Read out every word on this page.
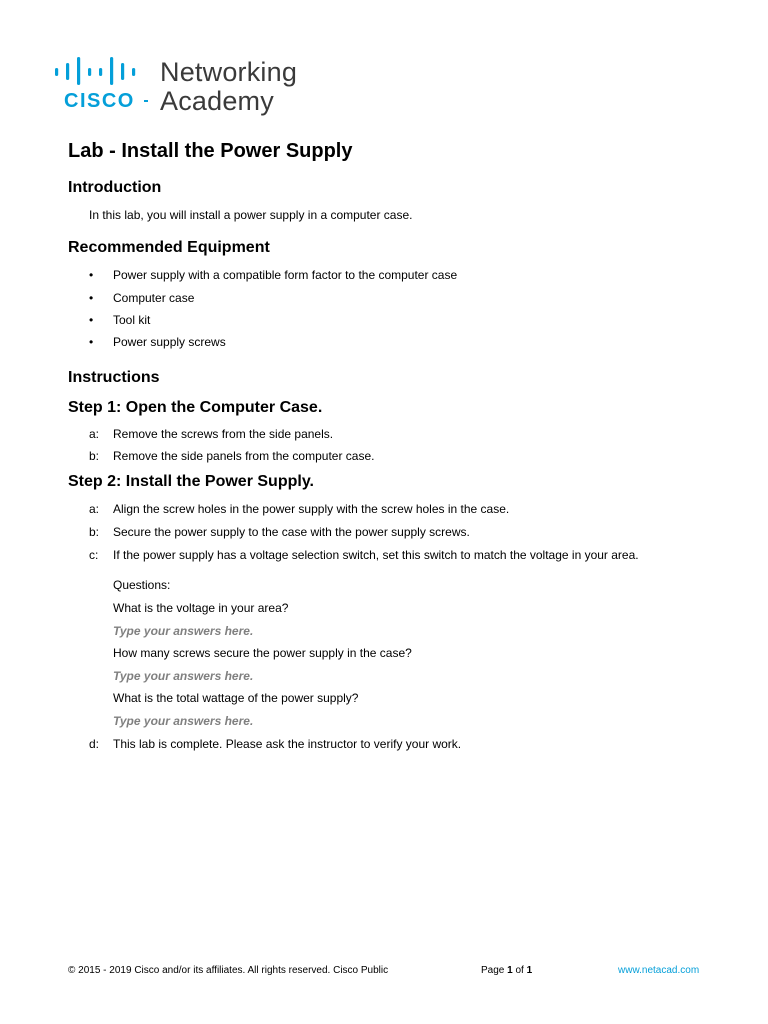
CISCO
Networking
Academy
Lab - Install the Power Supply
Introduction
In this lab, you will install a power supply in a computer case.
Recommended Equipment
• Power supply with a compatible form factor to the computer case
• Computer case
• Tool kit
• Power supply screws
Instructions
Step 1: Open the Computer Case.
a: Remove the screws from the side panels.
b: Remove the side panels from the computer case.
Step 2: Install the Power Supply.
a: Align the screw holes in the power supply with the screw holes in the case.
b: Secure the power supply to the case with the power supply screws.
c: If the power supply has a voltage selection switch, set this switch to match the voltage in your area.
Questions:
What is the voltage in your area?
Type your answers here.
How many screws secure the power supply in the case?
Type your answers here.
What is the total wattage of the power supply?
Type your answers here.
d: This lab is complete. Please ask the instructor to verify your work.
© 2015 - 2019 Cisco and/or its affiliates. All rights reserved. Cisco Public	Page 1 of 1	www.netacad.com
